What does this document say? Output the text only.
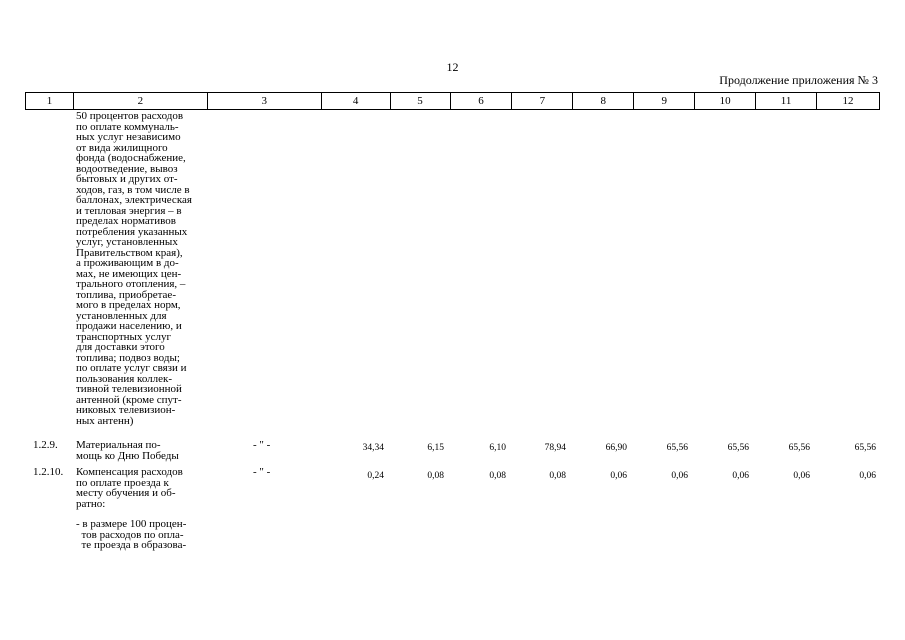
12
Продолжение приложения № 3
1	2	3	4	5	6	7	8	9	10	11	12
50 процентов расходов
по оплате коммуналь-
ных услуг независимо
от вида жилищного
фонда (водоснабжение,
водоотведение, вывоз
бытовых и других от-
ходов, газ, в том числе в
баллонах, электрическая
и тепловая энергия – в
пределах нормативов
потребления указанных
услуг, установленных
Правительством края),
а проживающим в до-
мах, не имеющих цен-
трального отопления, –
топлива, приобретае-
мого в пределах норм,
установленных для
продажи населению, и
транспортных услуг
для доставки этого
топлива; подвоз воды;
по оплате услуг связи и
пользования коллек-
тивной телевизионной
антенной (кроме спут-
никовых телевизион-
ных антенн)
1.2.9. Материальная по-
мощь ко Дню Победы
- " -	34,34	6,15	6,10	78,94	66,90	65,56	65,56	65,56	65,56
1.2.10. Компенсация расходов
по оплате проезда к
месту обучения и об-
ратно:
- " -	0,24	0,08	0,08	0,08	0,06	0,06	0,06	0,06	0,06
- в размере 100 процен-
тов расходов по опла-
те проезда в образова-
